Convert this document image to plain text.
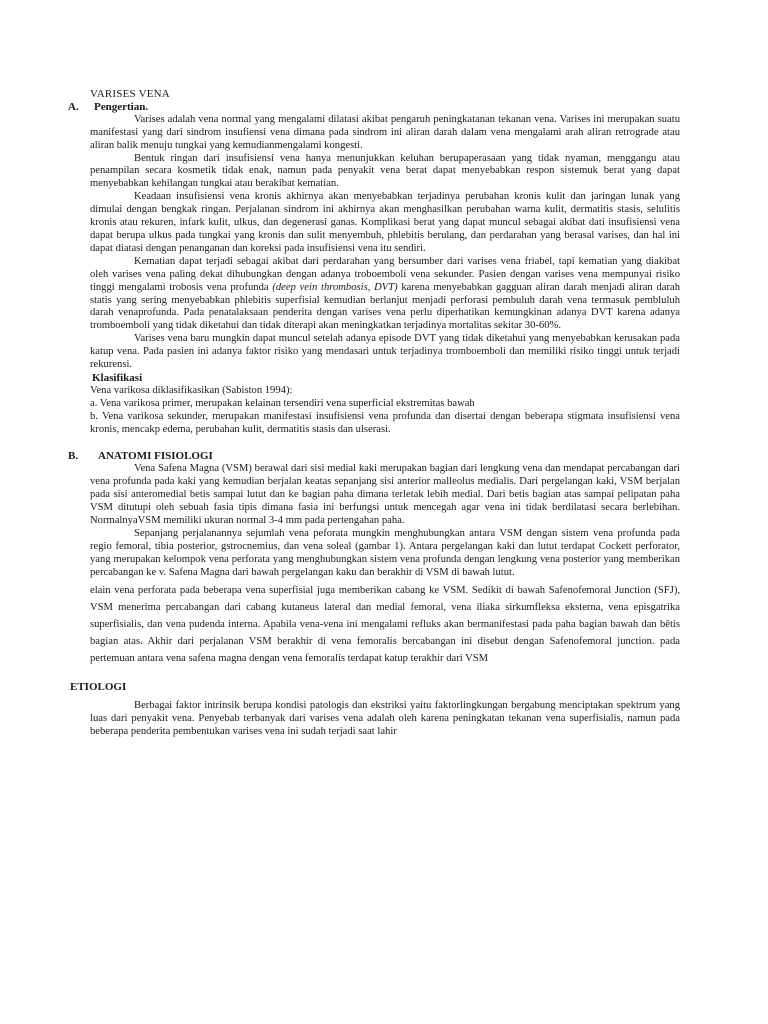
VARISES VENA
A. Pengertian.

Varises adalah vena normal yang mengalami dilatasi akibat pengaruh peningkatanan tekanan vena. Varises ini merupakan suatu manifestasi yang dari sindrom insufiensi vena dimana pada sindrom ini aliran darah dalam vena mengalami arah aliran retrograde atau aliran balik menuju tungkai yang kemudianmengalami kongesti.

Bentuk ringan dari insufisiensi vena hanya menunjukkan keluhan berupaperasaan yang tidak nyaman, menggangu atau penampilan secara kosmetik tidak enak, namun pada penyakit vena berat dapat menyebabkan respon sistemuk berat yang dapat menyebabkan kehilangan tungkai atau berakibat kematian.

Keadaan insufisiensi vena kronis akhirnya akan menyebabkan terjadinya perubahan kronis kulit dan jaringan lunak yang dimulai dengan bengkak ringan. Perjalanan sindrom ini akhirnya akan menghasilkan perubahan warna kulit, dermatitis stasis, selulitis kronis atau rekuren, infark kulit, ulkus, dan degenerasi ganas. Komplikasi berat yang dapat muncul sebagai akibat dati insufisiensi vena dapat berupa ulkus pada tungkai yang kronis dan sulit menyembuh, phlebitis berulang, dan perdarahan yang berasal varises, dan hal ini dapat diatasi dengan penanganan dan koreksi pada insufisiensi vena itu sendiri.

Kematian dapat terjadi sebagai akibat dari perdarahan yang bersumber dari varises vena friabel, tapi kematian yang diakibat oleh varises vena paling dekat dihubungkan dengan adanya troboemboli vena sekunder. Pasien dengan varises vena mempunyai risiko tinggi mengalami trobosis vena profunda (deep vein thrombosis, DVT) karena menyebabkan gagguan aliran darah menjadi aliran darah statis yang sering menyebabkan phlebitis superfisial kemudian berlanjut menjadi perforasi pembuluh darah vena termasuk pembluluh darah venaprofunda. Pada penatalaksaan penderita dengan varises vena perlu diperhatikan kemungkinan adanya DVT karena adanya tromboemboli yang tidak diketahui dan tidak diterapi akan meningkatkan terjadinya mortalitas sekitar 30-60%.

Varises vena baru mungkin dapat muncul setelah adanya episode DVT yang tidak diketahui yang menyebabkan kerusakan pada katup vena. Pada pasien ini adanya faktor risiko yang mendasari untuk terjadinya tromboemboli dan memiliki risiko tinggi untuk terjadi rekurensi.

Klasifikasi

Vena varikosa diklasifikasikan (Sabiston 1994):

a. Vena varikosa primer, merupakan kelainan tersendiri vena superficial ekstremitas bawah

b. Vena varikosa sekunder, merupakan manifestasi insufisiensi vena profunda dan disertai dengan beberapa stigmata insufisiensi vena kronis, mencakp edema, perubahan kulit, dermatitis stasis dan ulserasi.

B. ANATOMI FISIOLOGI

Vena Safena Magna (VSM) berawal dari sisi medial kaki merupakan bagian dari lengkung vena dan mendapat percabangan dari vena profunda pada kaki yang kemudian berjalan keatas sepanjang sisi anterior malleolus medialis. Dari pergelangan kaki, VSM berjalan pada sisi anteromedial betis sampai lutut dan ke bagian paha dimana terletak lebih medial. Dari betis bagian atas sampai pelipatan paha VSM ditutupi oleh sebuah fasia tipis dimana fasia ini berfungsi untuk mencegah agar vena ini tidak berdilatasi secara berlebihan. NormalnyaVSM memiliki ukuran normal 3-4 mm pada pertengahan paha.

Sepanjang perjalanannya sejumlah vena peforata mungkin menghubungkan antara VSM dengan sistem vena profunda pada regio femoral, tibia posterior, gstrocnemius, dan vena soleal (gambar 1). Antara pergelangan kaki dan lutut terdapat Cockett perforator, yang merupakan kelompok vena perforata yang menghubungkan sistem vena profunda dengan lengkung vena posterior yang memberikan percabangan ke v. Safena Magna dari bawah pergelangan kaku dan berakhir di VSM di bawah lutut.

elain vena perforata pada beberapa vena superfisial juga memberikan cabang ke VSM. Sedikit di bawah Safenofemoral Junction (SFJ), VSM menerima percabangan dari cabang kutaneus lateral dan medial femoral, vena iliaka sirkumfleksa eksterna, vena episgatrika superfisialis, dan vena pudenda interna. Apabila vena-vena ini mengalami refluks akan bermanifestasi pada paha bagian bawah dan bêtis bagian atas. Akhir dari perjalanan VSM berakhir di vena femoralis bercabangan ini disebut dengan Safenofemoral junction. pada pertemuan antara vena safena magna dengan vena femoralis terdapat katup terakhir dari VSM

ETIOLOGI

Berbagai faktor intrinsik berupa kondisi patologis dan ekstriksi yaitu faktorlingkungan bergabung menciptakan spektrum yang luas dari penyakit vena. Penyebab terbanyak dari varises vena adalah oleh karena peningkatan tekanan vena superfisialis, namun pada beberapa penderita pembentukan varises vena ini sudah terjadi saat lahir
